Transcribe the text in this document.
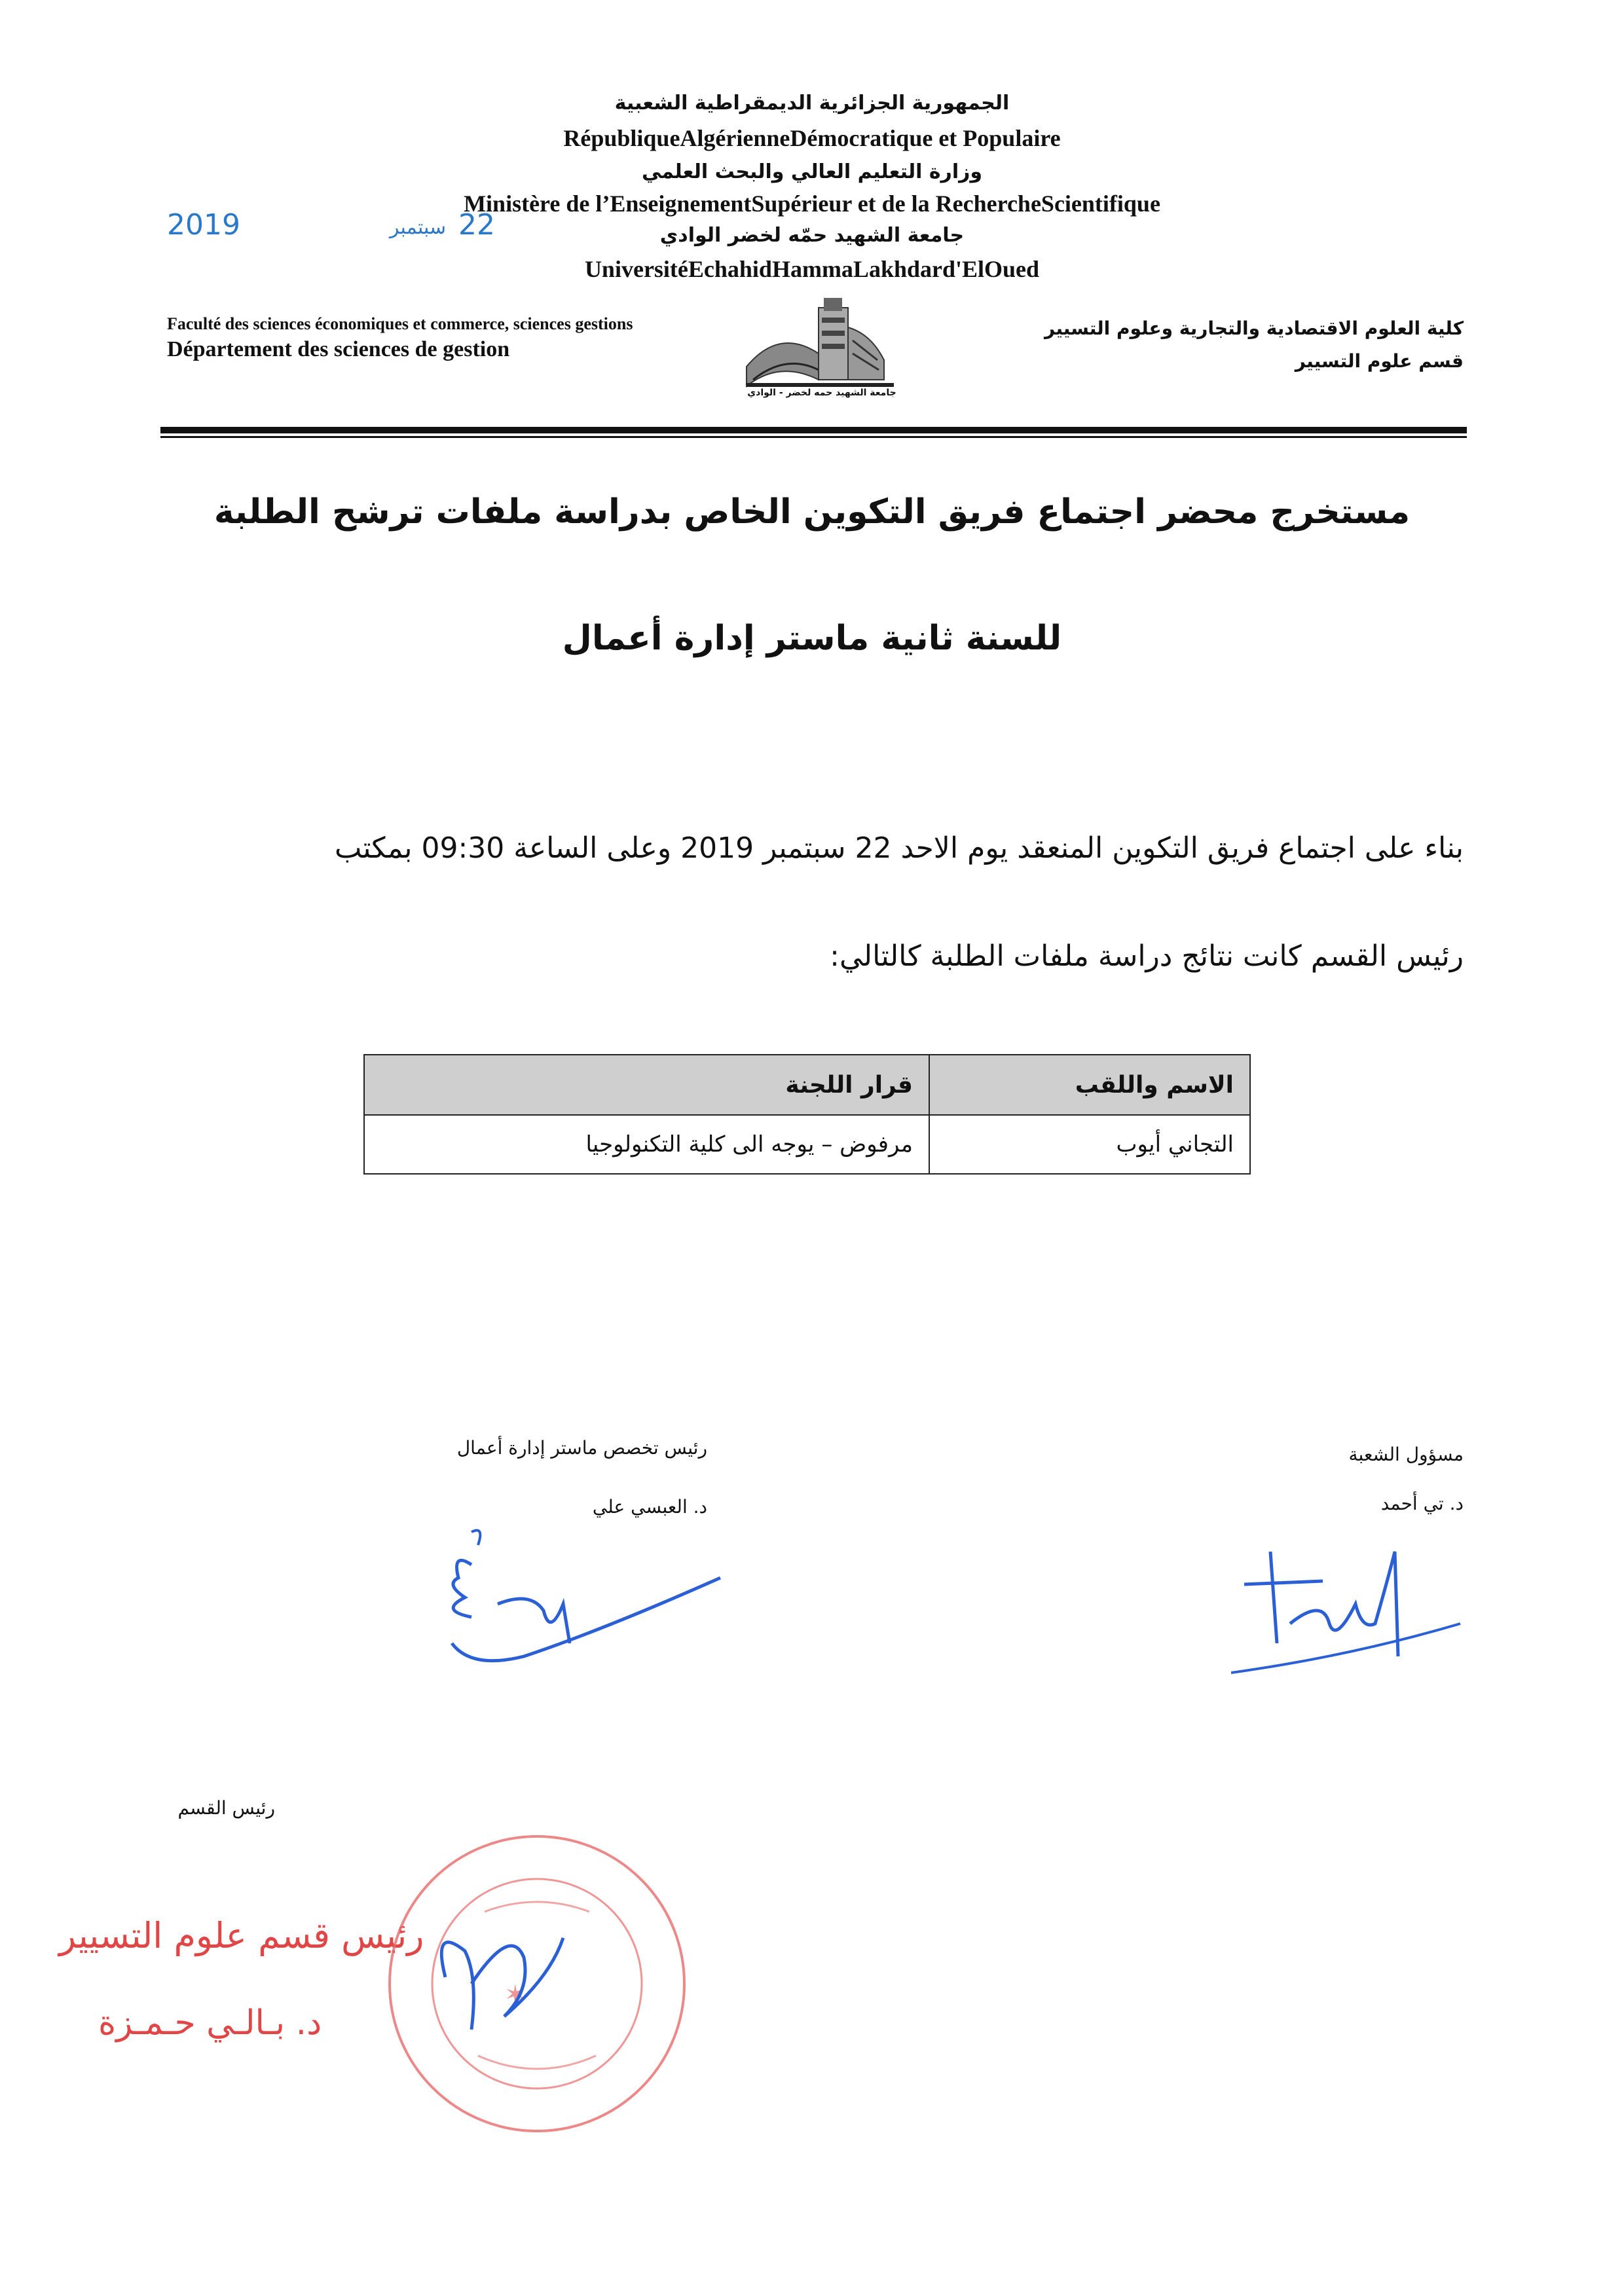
الجمهورية الجزائرية الديمقراطية الشعبية
RépubliqueAlgérienneDémocratique et Populaire
وزارة التعليم العالي والبحث العلمي
Ministère de l’EnseignementSupérieur et de la RechercheScientifique
جامعة الشهيد حمّه لخضر الوادي
UniversitéEchahidHammaLakhdard'ElOued
2019	سبتمبر 22
Faculté des sciences économiques et commerce, sciences gestions
Département des sciences de gestion
كلية العلوم الاقتصادية والتجارية وعلوم التسيير
قسم علوم التسيير
جامعة الشهيد حمه لخضر - الوادي
مستخرج محضر اجتماع فريق التكوين الخاص بدراسة ملفات ترشح الطلبة
للسنة ثانية ماستر إدارة أعمال
بناء على اجتماع فريق التكوين المنعقد يوم الاحد 22 سبتمبر 2019 وعلى الساعة 09:30 بمكتب
رئيس القسم كانت نتائج دراسة ملفات الطلبة كالتالي:
الاسم واللقب	قرار اللجنة
التجاني أيوب	مرفوض – يوجه الى كلية التكنولوجيا
رئيس تخصص ماستر إدارة أعمال
د. العبسي علي
مسؤول الشعبة
د. تي أحمد
رئيس القسم
رئيس قسم علوم التسيير
د. بـالـي حـمـزة
✶
